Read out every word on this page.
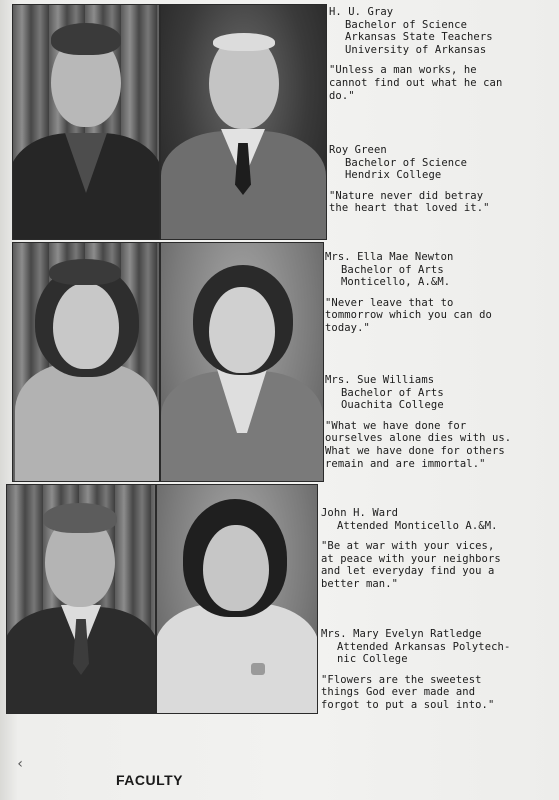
H. U. Gray
Bachelor of Science
Arkansas State Teachers
University of Arkansas
"Unless a man works, he
cannot find out what he can
do."
Roy Green
Bachelor of Science
Hendrix College
"Nature never did betray
the heart that loved it."
Mrs. Ella Mae Newton
Bachelor of Arts
Monticello, A.&M.
"Never leave that to
tommorrow which you can do
today."
Mrs. Sue Williams
Bachelor of Arts
Ouachita College
"What we have done for
ourselves alone dies with us.
What we have done for others
remain and are immortal."
John H. Ward
Attended Monticello A.&M.
"Be at war with your vices,
at peace with your neighbors
and let everyday find you a
better man."
Mrs. Mary Evelyn Ratledge
Attended Arkansas Polytech-
nic College
"Flowers are the sweetest
things God ever made and
forgot to put a soul into."
‹
FACULTY
